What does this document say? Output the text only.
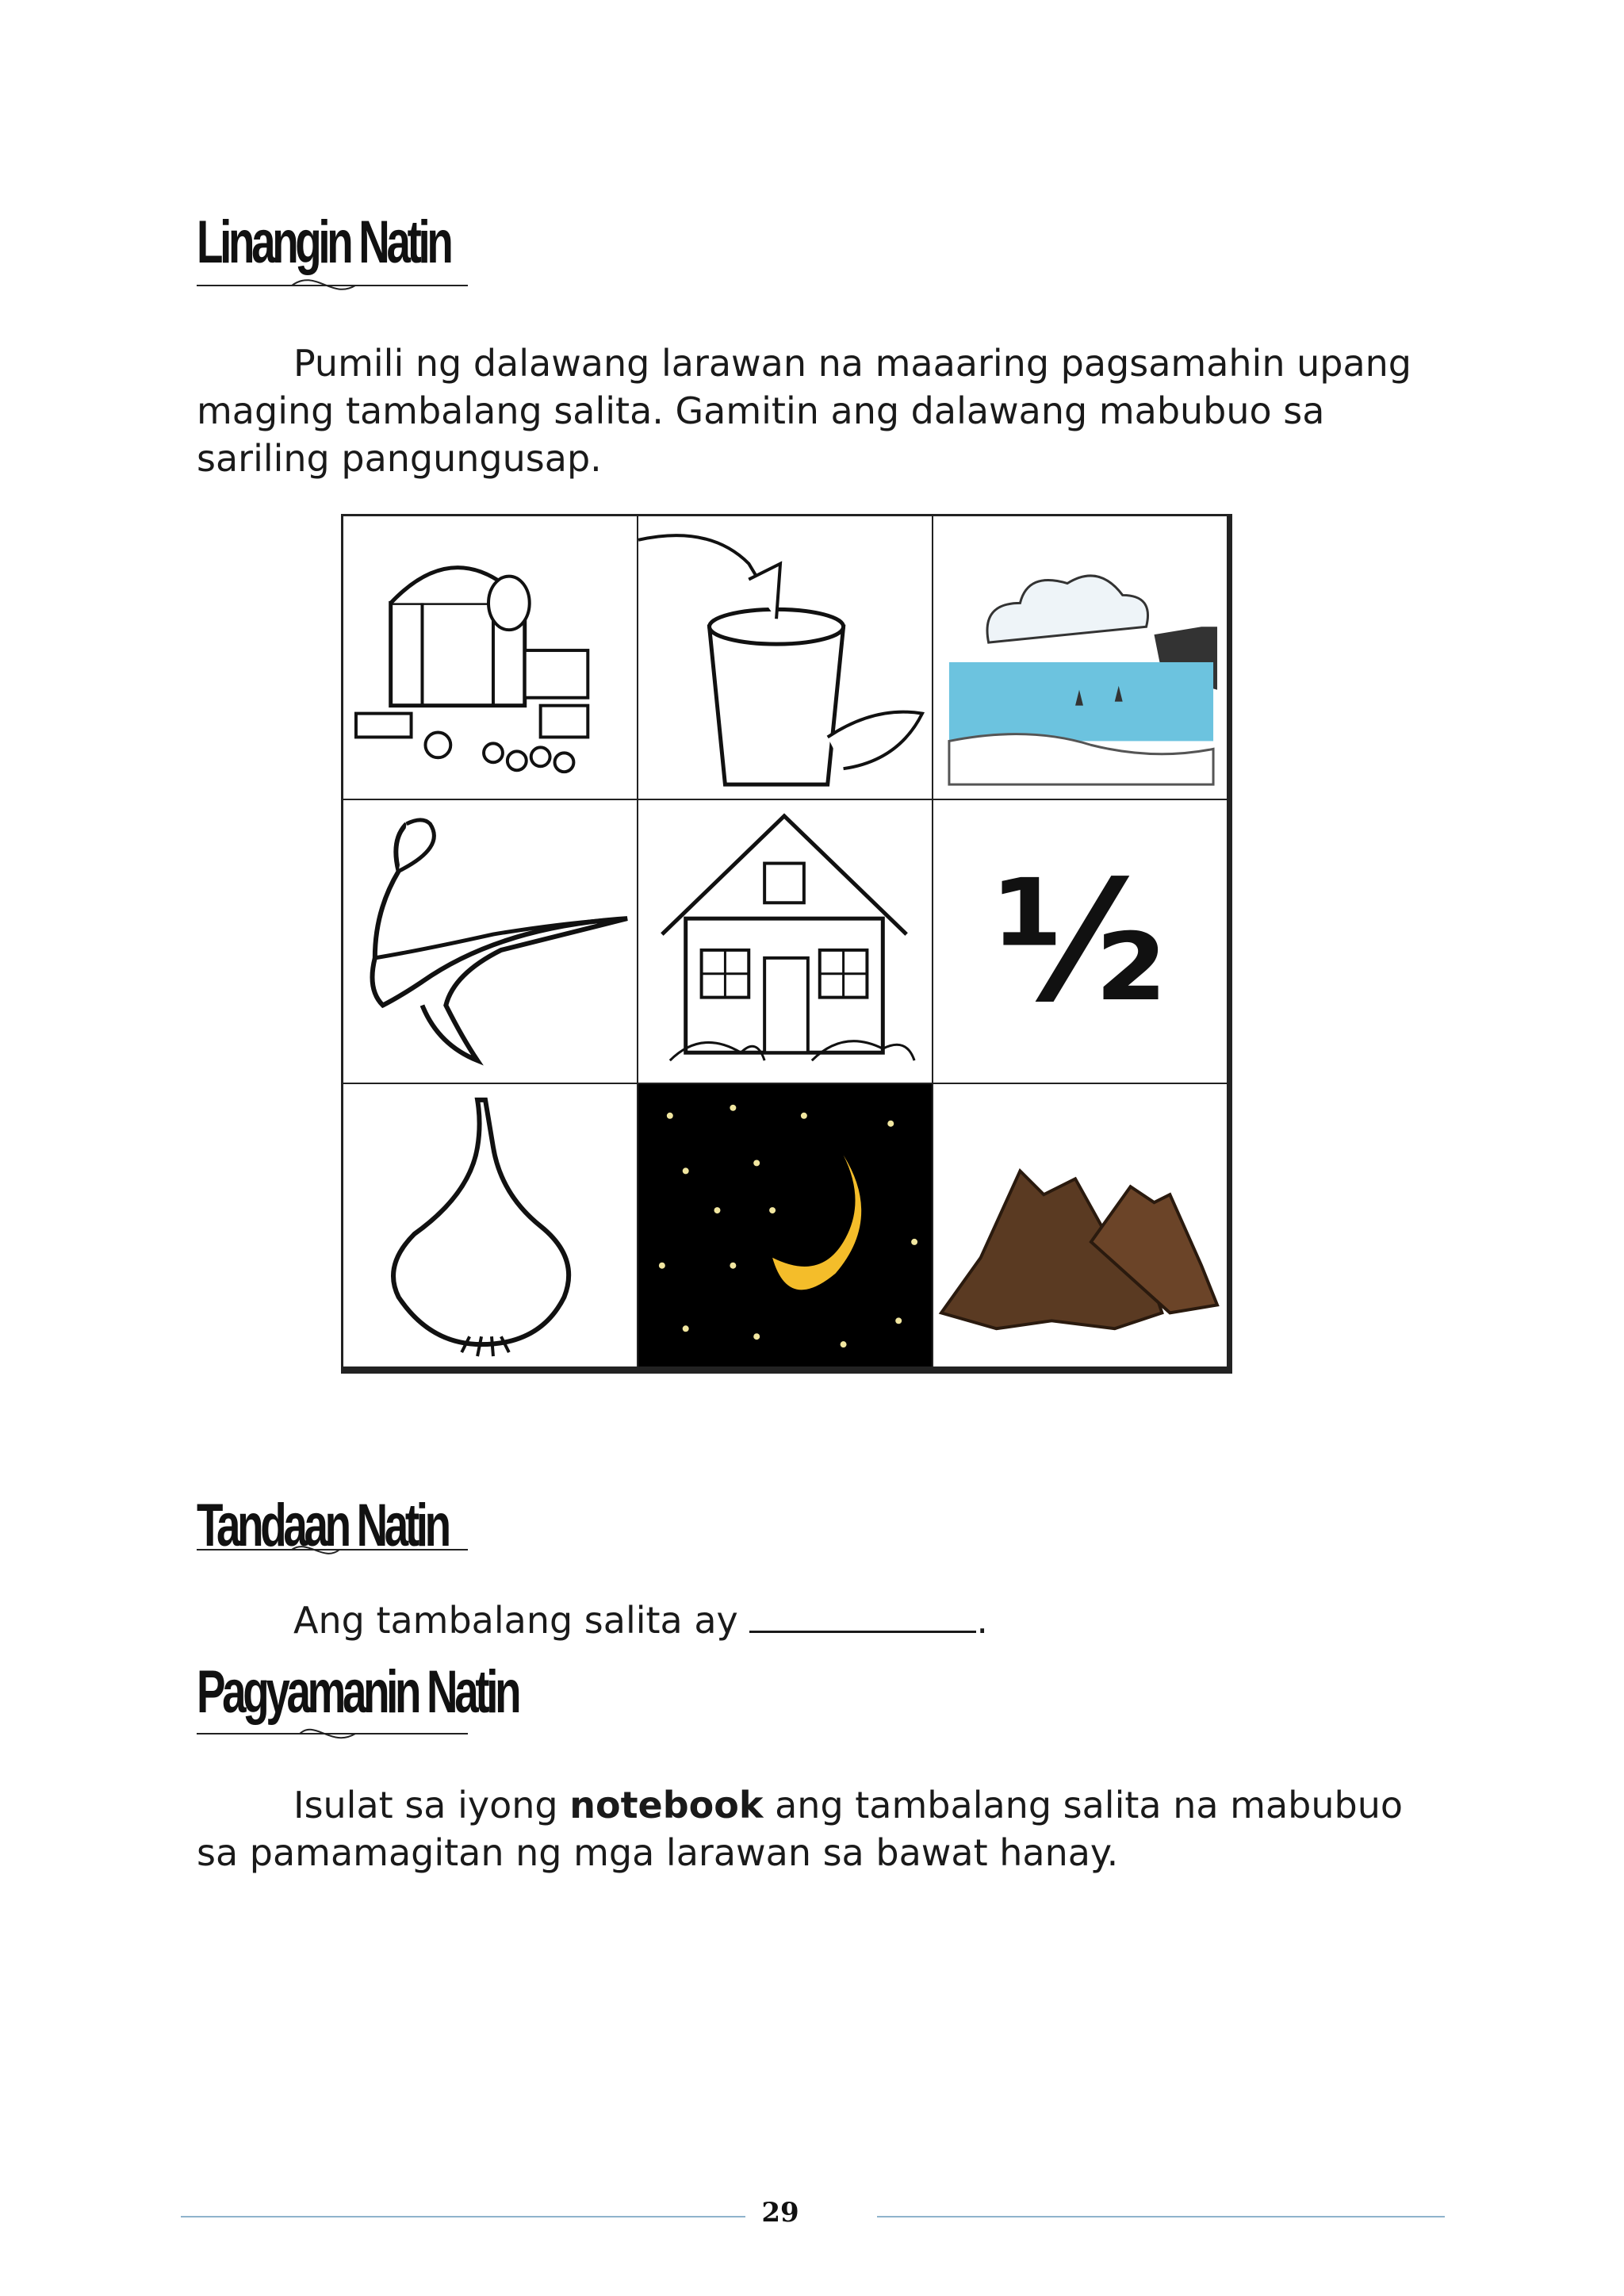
Linangin Natin

Pumili ng dalawang larawan na maaaring pagsamahin upang maging tambalang salita. Gamitin ang dalawang mabubuo sa sariling pangungusap.

½
Tandaan Natin

Ang tambalang salita ay	.

Pagyamanin Natin

Isulat sa iyong notebook ang tambalang salita na mabubuo sa pamamagitan ng mga larawan sa bawat hanay.

29
